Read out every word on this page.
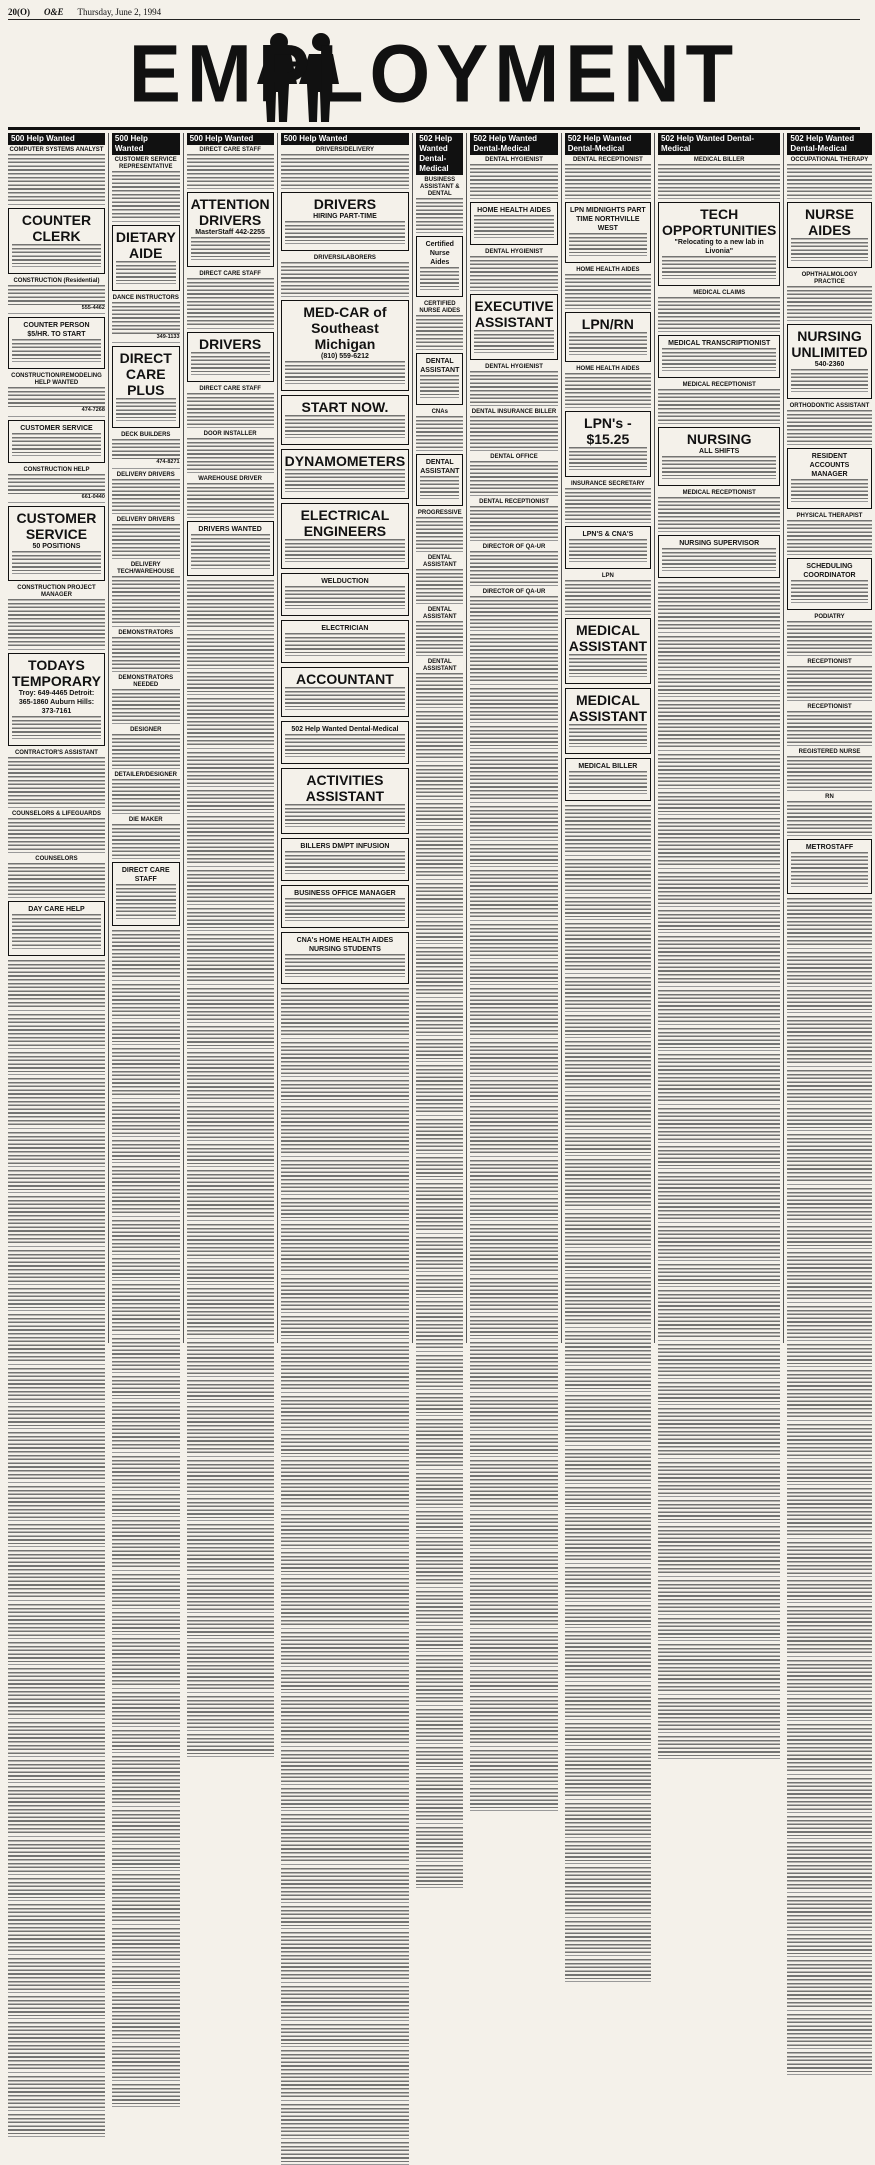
20(O) O&E Thursday, June 2, 1994
EMPLOYMENT
500 Help Wanted
COMPUTER SYSTEMS ANALYST

COUNTER CLERK

CONSTRUCTION (Residential)

555-4462
COUNTER PERSON $5/HR. TO START

CONSTRUCTION/REMODELING HELP WANTED

474-7268
CUSTOMER SERVICE

CONSTRUCTION HELP

661-0440
CUSTOMER SERVICE
50 POSITIONS

CONSTRUCTION PROJECT MANAGER

TODAYS TEMPORARY
Troy: 649-4465 Detroit: 365-1860 Auburn Hills: 373-7161

CONTRACTOR'S ASSISTANT

COUNSELORS & LIFEGUARDS

COUNSELORS

DAY CARE HELP

500 Help Wanted
CUSTOMER SERVICE REPRESENTATIVE

DIETARY AIDE

DANCE INSTRUCTORS

349-1133
DIRECT CARE PLUS

DECK BUILDERS

474-8271
DELIVERY DRIVERS

DELIVERY DRIVERS

DELIVERY TECH/WAREHOUSE

DEMONSTRATORS

DEMONSTRATORS NEEDED

DESIGNER

DETAILER/DESIGNER

DIE MAKER

DIRECT CARE STAFF

500 Help Wanted
DIRECT CARE STAFF

ATTENTION DRIVERS
MasterStaff 442-2255

DIRECT CARE STAFF

DRIVERS

DIRECT CARE STAFF

DOOR INSTALLER

WAREHOUSE DRIVER

DRIVERS WANTED

500 Help Wanted
DRIVERS/DELIVERY

DRIVERS
HIRING PART-TIME

DRIVERS/LABORERS

MED-CAR of Southeast Michigan
(810) 559-6212

START NOW.

DYNAMOMETERS

ELECTRICAL ENGINEERS

WELDUCTION

ELECTRICIAN

ACCOUNTANT

502 Help Wanted Dental-Medical

ACTIVITIES ASSISTANT

BILLERS DM/PT INFUSION

BUSINESS OFFICE MANAGER

CNA's HOME HEALTH AIDES NURSING STUDENTS

502 Help Wanted Dental-Medical
BUSINESS ASSISTANT & DENTAL

Certified Nurse Aides

CERTIFIED NURSE AIDES

DENTAL ASSISTANT

CNAs

DENTAL ASSISTANT

PROGRESSIVE

DENTAL ASSISTANT

DENTAL ASSISTANT

DENTAL ASSISTANT

502 Help Wanted Dental-Medical
DENTAL HYGIENIST

HOME HEALTH AIDES

DENTAL HYGIENIST

EXECUTIVE ASSISTANT

DENTAL HYGIENIST

DENTAL INSURANCE BILLER

DENTAL OFFICE

DENTAL RECEPTIONIST

DIRECTOR OF QA-UR

DIRECTOR OF QA-UR

502 Help Wanted Dental-Medical
DENTAL RECEPTIONIST

LPN MIDNIGHTS PART TIME NORTHVILLE WEST

HOME HEALTH AIDES

LPN/RN

HOME HEALTH AIDES

LPN's - $15.25

INSURANCE SECRETARY

LPN'S & CNA'S

LPN

MEDICAL ASSISTANT

MEDICAL ASSISTANT

MEDICAL BILLER

502 Help Wanted Dental-Medical
MEDICAL BILLER

TECH OPPORTUNITIES
"Relocating to a new lab in Livonia"

MEDICAL CLAIMS

MEDICAL TRANSCRIPTIONIST

MEDICAL RECEPTIONIST

NURSING
ALL SHIFTS

MEDICAL RECEPTIONIST

NURSING SUPERVISOR

502 Help Wanted Dental-Medical
OCCUPATIONAL THERAPY

NURSE AIDES

OPHTHALMOLOGY PRACTICE

NURSING UNLIMITED
540-2360

ORTHODONTIC ASSISTANT

RESIDENT ACCOUNTS MANAGER

PHYSICAL THERAPIST

SCHEDULING COORDINATOR

PODIATRY

RECEPTIONIST

RECEPTIONIST

REGISTERED NURSE

RN

METROSTAFF
